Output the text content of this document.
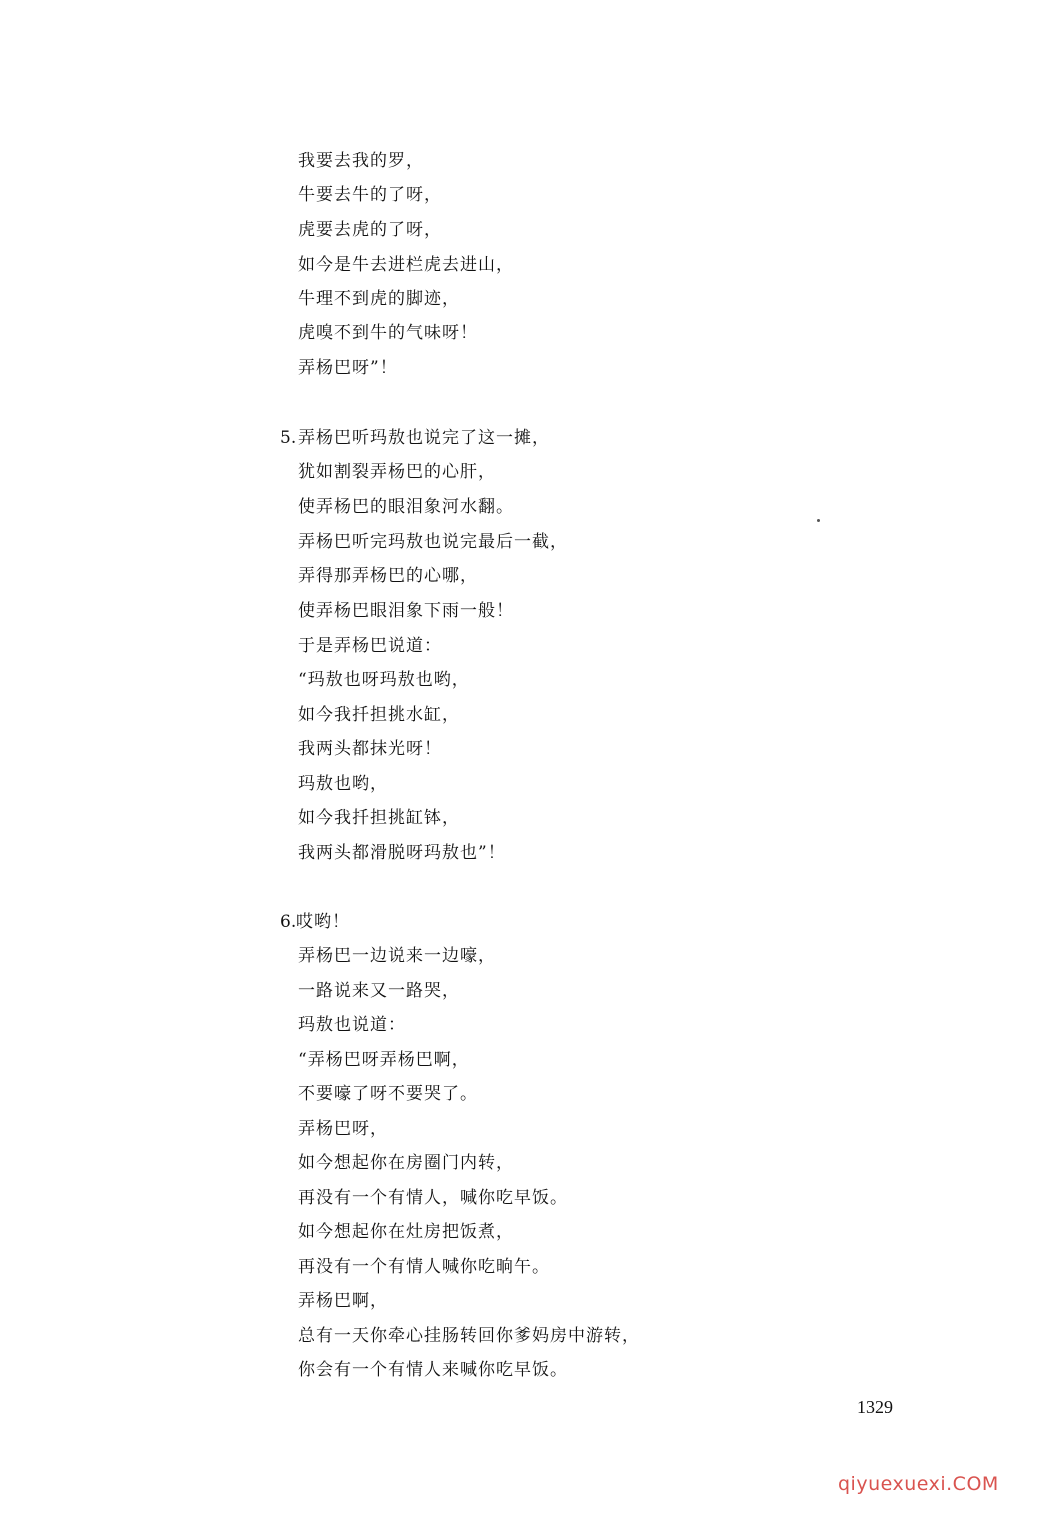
我要去我的罗，
牛要去牛的了呀，
虎要去虎的了呀，
如今是牛去进栏虎去进山，
牛理不到虎的脚迹，
虎嗅不到牛的气味呀！
弄杨巴呀”！
5. 弄杨巴听玛敖也说完了这一摊，
犹如割裂弄杨巴的心肝，
使弄杨巴的眼泪象河水翻。
弄杨巴听完玛敖也说完最后一截，
弄得那弄杨巴的心哪，
使弄杨巴眼泪象下雨一般！
于是弄杨巴说道：
“玛敖也呀玛敖也哟，
如今我扦担挑水缸，
我两头都抹光呀！
玛敖也哟，
如今我扦担挑缸钵，
我两头都滑脱呀玛敖也”！
6. 哎哟！
弄杨巴一边说来一边嚎，
一路说来又一路哭，
玛敖也说道：
“弄杨巴呀弄杨巴啊，
不要嚎了呀不要哭了。
弄杨巴呀，
如今想起你在房圈门内转，
再没有一个有情人，喊你吃早饭。
如今想起你在灶房把饭煮，
再没有一个有情人喊你吃晌午。
弄杨巴啊，
总有一天你牵心挂肠转回你爹妈房中游转，
你会有一个有情人来喊你吃早饭。
1329
qiyuexuexi.COM
